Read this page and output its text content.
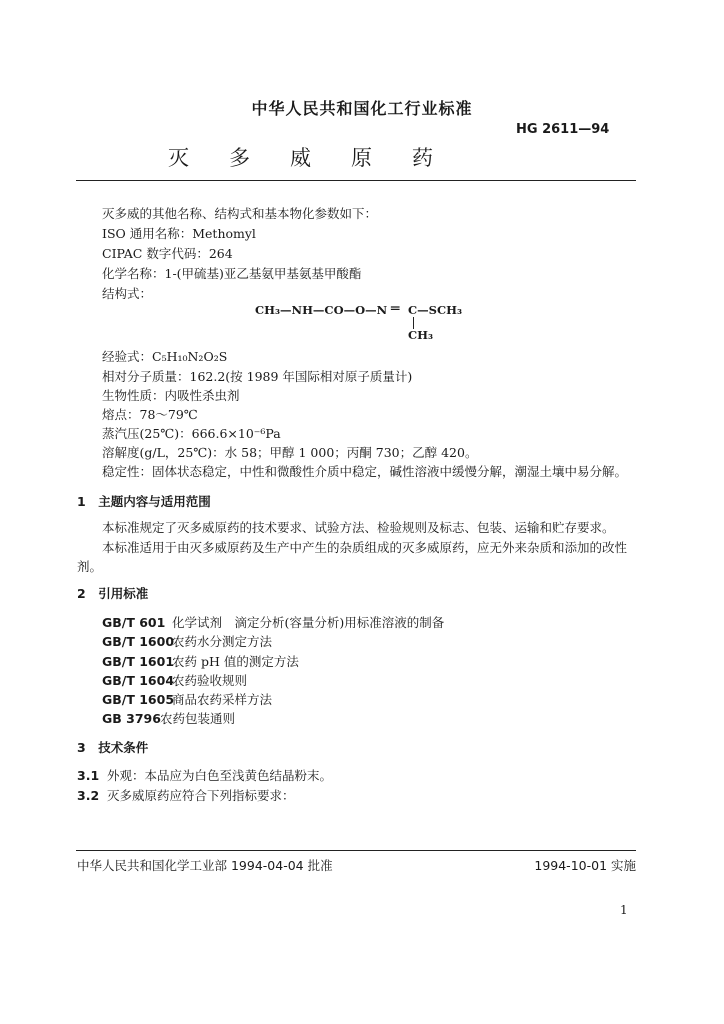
中华人民共和国化工行业标准
HG 2611—94
灭多威原药
灭多威的其他名称、结构式和基本物化参数如下：
ISO 通用名称：Methomyl
CIPAC 数字代码：264
化学名称：1-(甲硫基)亚乙基氨甲基氨基甲酸酯
结构式：
CH₃—NH—CO—O—N ═ C—SCH₃
CH₃
经验式：C₅H₁₀N₂O₂S
相对分子质量：162.2(按 1989 年国际相对原子质量计)
生物性质：内吸性杀虫剂
熔点：78～79℃
蒸汽压(25℃)：666.6×10⁻⁶Pa
溶解度(g/L，25℃)：水 58；甲醇 1 000；丙酮 730；乙醇 420。
稳定性：固体状态稳定，中性和微酸性介质中稳定，碱性溶液中缓慢分解，潮湿土壤中易分解。
1　主题内容与适用范围
本标准规定了灭多威原药的技术要求、试验方法、检验规则及标志、包装、运输和贮存要求。
本标准适用于由灭多威原药及生产中产生的杂质组成的灭多威原药，应无外来杂质和添加的改性
剂。
2　引用标准
GB/T 601 化学试剂　滴定分析(容量分析)用标准溶液的制备
GB/T 1600农药水分测定方法
GB/T 1601农药 pH 值的测定方法
GB/T 1604农药验收规则
GB/T 1605商品农药采样方法
GB 3796农药包装通则
3　技术条件
3.1 外观：本品应为白色至浅黄色结晶粉末。
3.2 灭多威原药应符合下列指标要求：
中华人民共和国化学工业部 1994-04-04 批准	1994-10-01 实施
1
